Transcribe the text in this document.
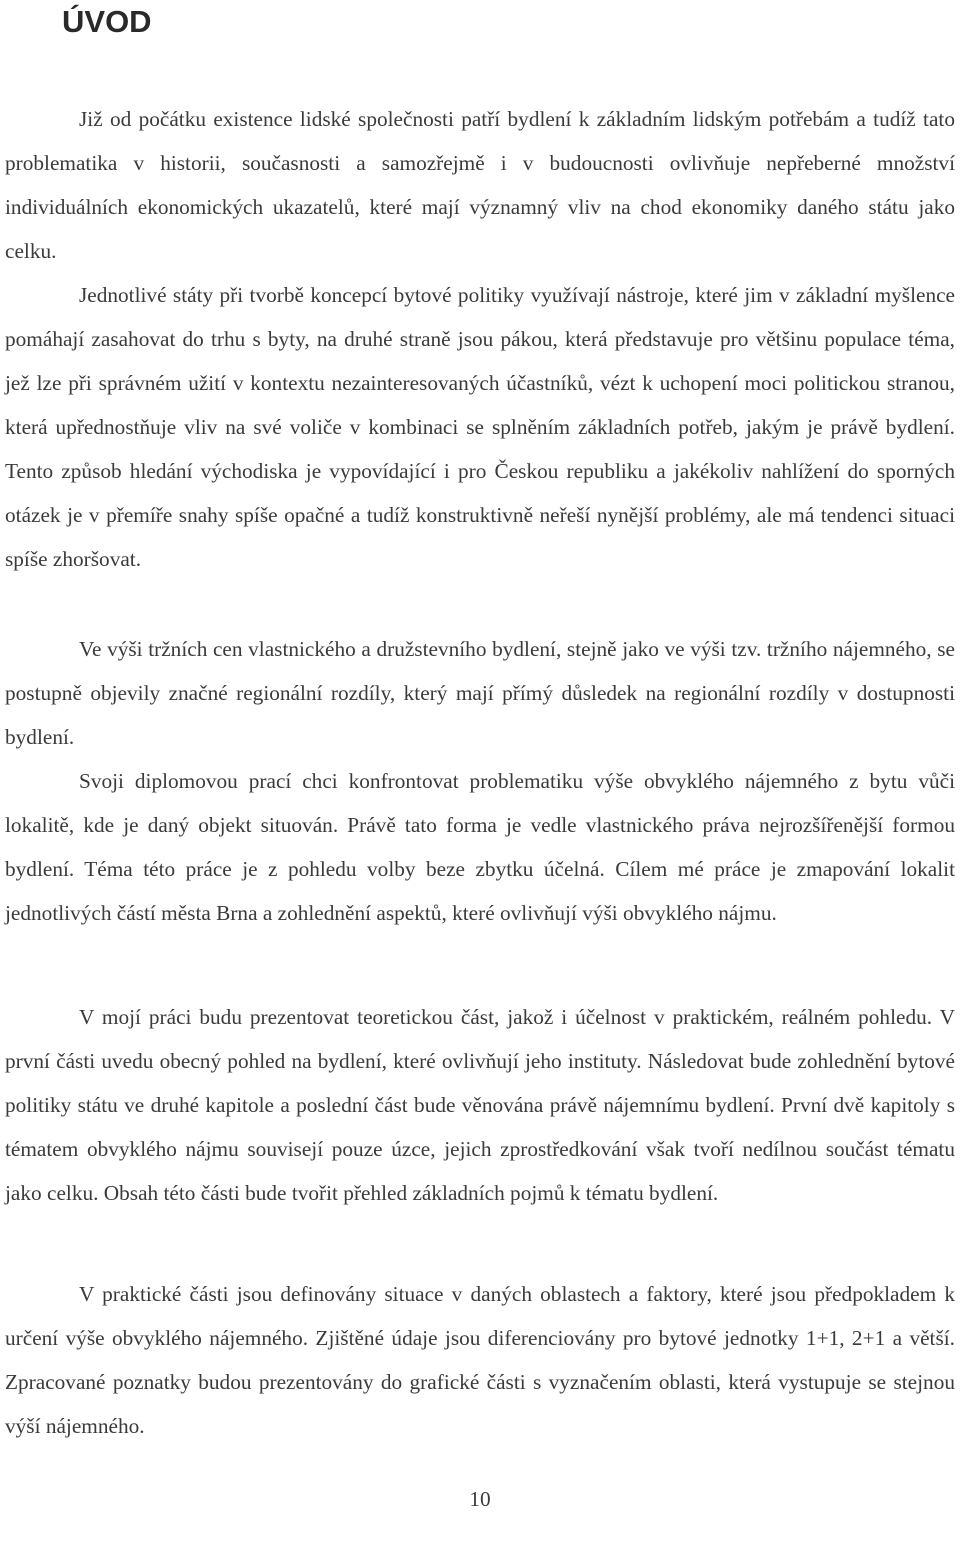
ÚVOD

Již od počátku existence lidské společnosti patří bydlení k základním lidským potřebám a tudíž tato problematika v historii, současnosti a samozřejmě i v budoucnosti ovlivňuje nepřeberné množství individuálních ekonomických ukazatelů, které mají významný vliv na chod ekonomiky daného státu jako celku.

Jednotlivé státy při tvorbě koncepcí bytové politiky využívají nástroje, které jim v základní myšlence pomáhají zasahovat do trhu s byty, na druhé straně jsou pákou, která představuje pro většinu populace téma, jež lze při správném užití v kontextu nezainteresovaných účastníků, vézt k uchopení moci politickou stranou, která upřednostňuje vliv na své voliče v kombinaci se splněním základních potřeb, jakým je právě bydlení. Tento způsob hledání východiska je vypovídající i pro Českou republiku a jakékoliv nahlížení do sporných otázek je v přemíře snahy spíše opačné a tudíž konstruktivně neřeší nynější problémy, ale má tendenci situaci spíše zhoršovat.

Ve výši tržních cen vlastnického a družstevního bydlení, stejně jako ve výši tzv. tržního nájemného, se postupně objevily značné regionální rozdíly, který mají přímý důsledek na regionální rozdíly v dostupnosti bydlení.

Svoji diplomovou prací chci konfrontovat problematiku výše obvyklého nájemného z bytu vůči lokalitě, kde je daný objekt situován. Právě tato forma je vedle vlastnického práva nejrozšířenější formou bydlení. Téma této práce je z pohledu volby beze zbytku účelná. Cílem mé práce je zmapování lokalit jednotlivých částí města Brna a zohlednění aspektů, které ovlivňují výši obvyklého nájmu.

V mojí práci budu prezentovat teoretickou část, jakož i účelnost v praktickém, reálném pohledu. V první části uvedu obecný pohled na bydlení, které ovlivňují jeho instituty. Následovat bude zohlednění bytové politiky státu ve druhé kapitole a poslední část bude věnována právě nájemnímu bydlení. První dvě kapitoly s tématem obvyklého nájmu souvisejí pouze úzce, jejich zprostředkování však tvoří nedílnou součást tématu jako celku. Obsah této části bude tvořit přehled základních pojmů k tématu bydlení.

V praktické části jsou definovány situace v daných oblastech a faktory, které jsou předpokladem k určení výše obvyklého nájemného. Zjištěné údaje jsou diferenciovány pro bytové jednotky 1+1, 2+1 a větší. Zpracované poznatky budou prezentovány do grafické části s vyznačením oblasti, která vystupuje se stejnou výší nájemného.

10
